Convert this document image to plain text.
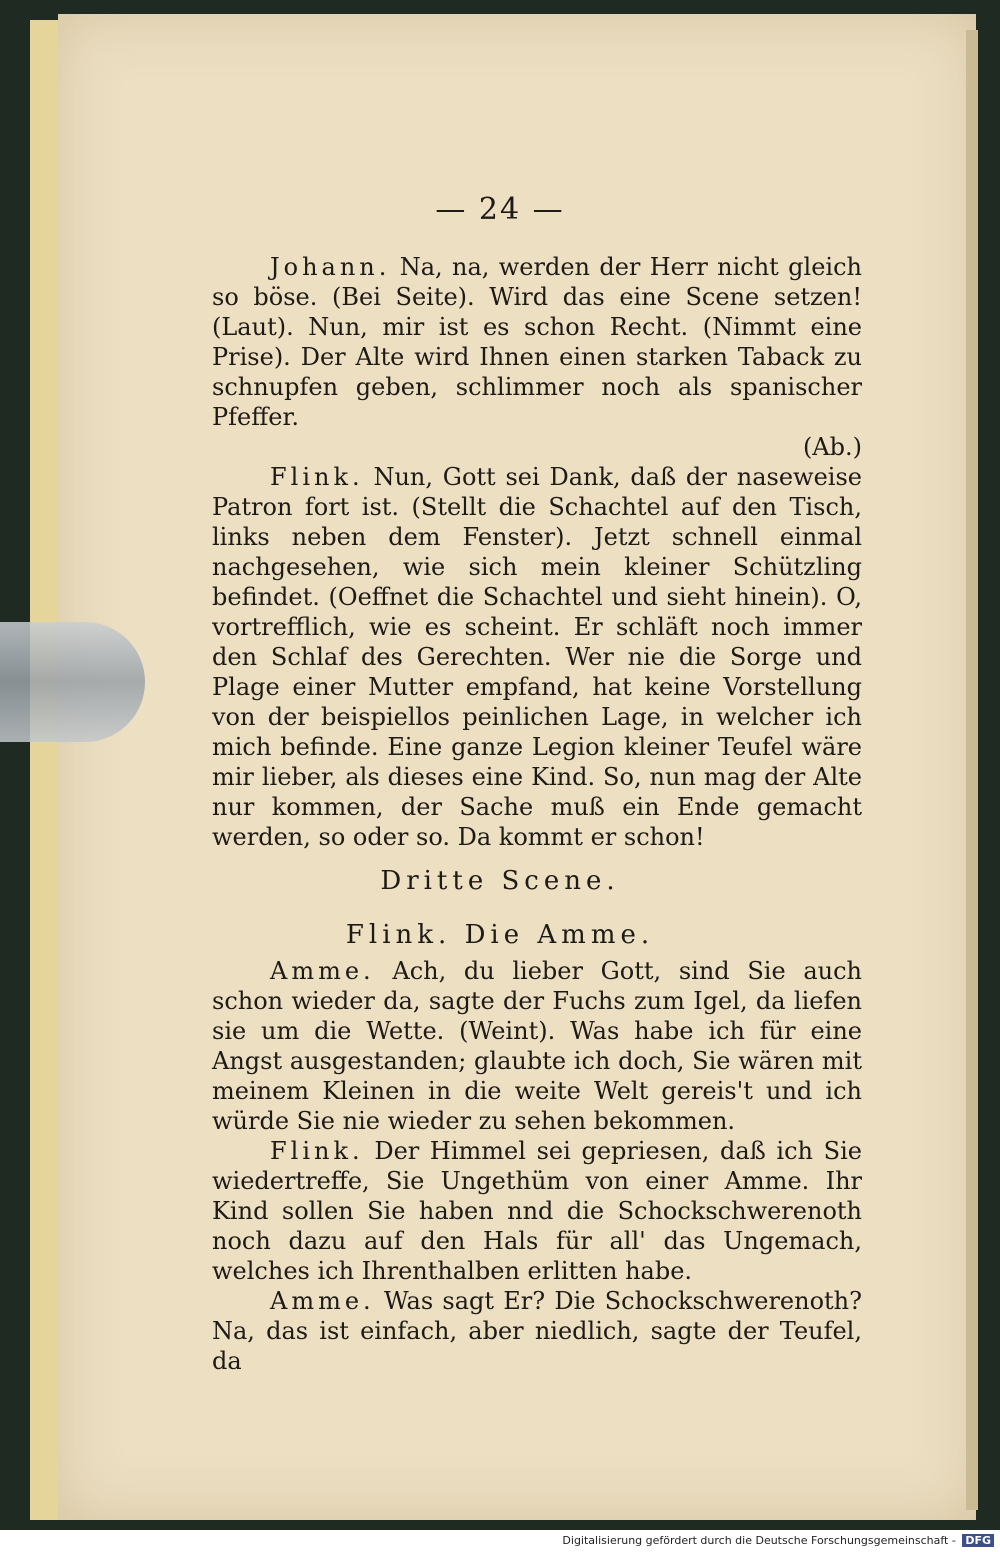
— 24 —

Johann. Na, na, werden der Herr nicht gleich so böse. (Bei Seite). Wird das eine Scene setzen! (Laut). Nun, mir ist es schon Recht. (Nimmt eine Prise). Der Alte wird Ihnen einen starken Taback zu schnupfen geben, schlimmer noch als spanischer Pfeffer.

(Ab.)

Flink. Nun, Gott sei Dank, daß der naseweise Patron fort ist. (Stellt die Schachtel auf den Tisch, links neben dem Fenster). Jetzt schnell einmal nachgesehen, wie sich mein kleiner Schützling befindet. (Oeffnet die Schachtel und sieht hinein). O, vortrefflich, wie es scheint. Er schläft noch immer den Schlaf des Gerechten. Wer nie die Sorge und Plage einer Mutter empfand, hat keine Vorstellung von der beispiellos peinlichen Lage, in welcher ich mich befinde. Eine ganze Legion kleiner Teufel wäre mir lieber, als dieses eine Kind. So, nun mag der Alte nur kommen, der Sache muß ein Ende gemacht werden, so oder so. Da kommt er schon!

Dritte Scene.
Flink. Die Amme.

Amme. Ach, du lieber Gott, sind Sie auch schon wieder da, sagte der Fuchs zum Igel, da liefen sie um die Wette. (Weint). Was habe ich für eine Angst ausgestanden; glaubte ich doch, Sie wären mit meinem Kleinen in die weite Welt gereis't und ich würde Sie nie wieder zu sehen bekommen.

Flink. Der Himmel sei gepriesen, daß ich Sie wiedertreffe, Sie Ungethüm von einer Amme. Ihr Kind sollen Sie haben nnd die Schockschwerenoth noch dazu auf den Hals für all' das Ungemach, welches ich Ihrenthalben erlitten habe.

Amme. Was sagt Er? Die Schockschwerenoth? Na, das ist einfach, aber niedlich, sagte der Teufel, da

Digitalisierung gefördert durch die Deutsche Forschungsgemeinschaft - DFG
